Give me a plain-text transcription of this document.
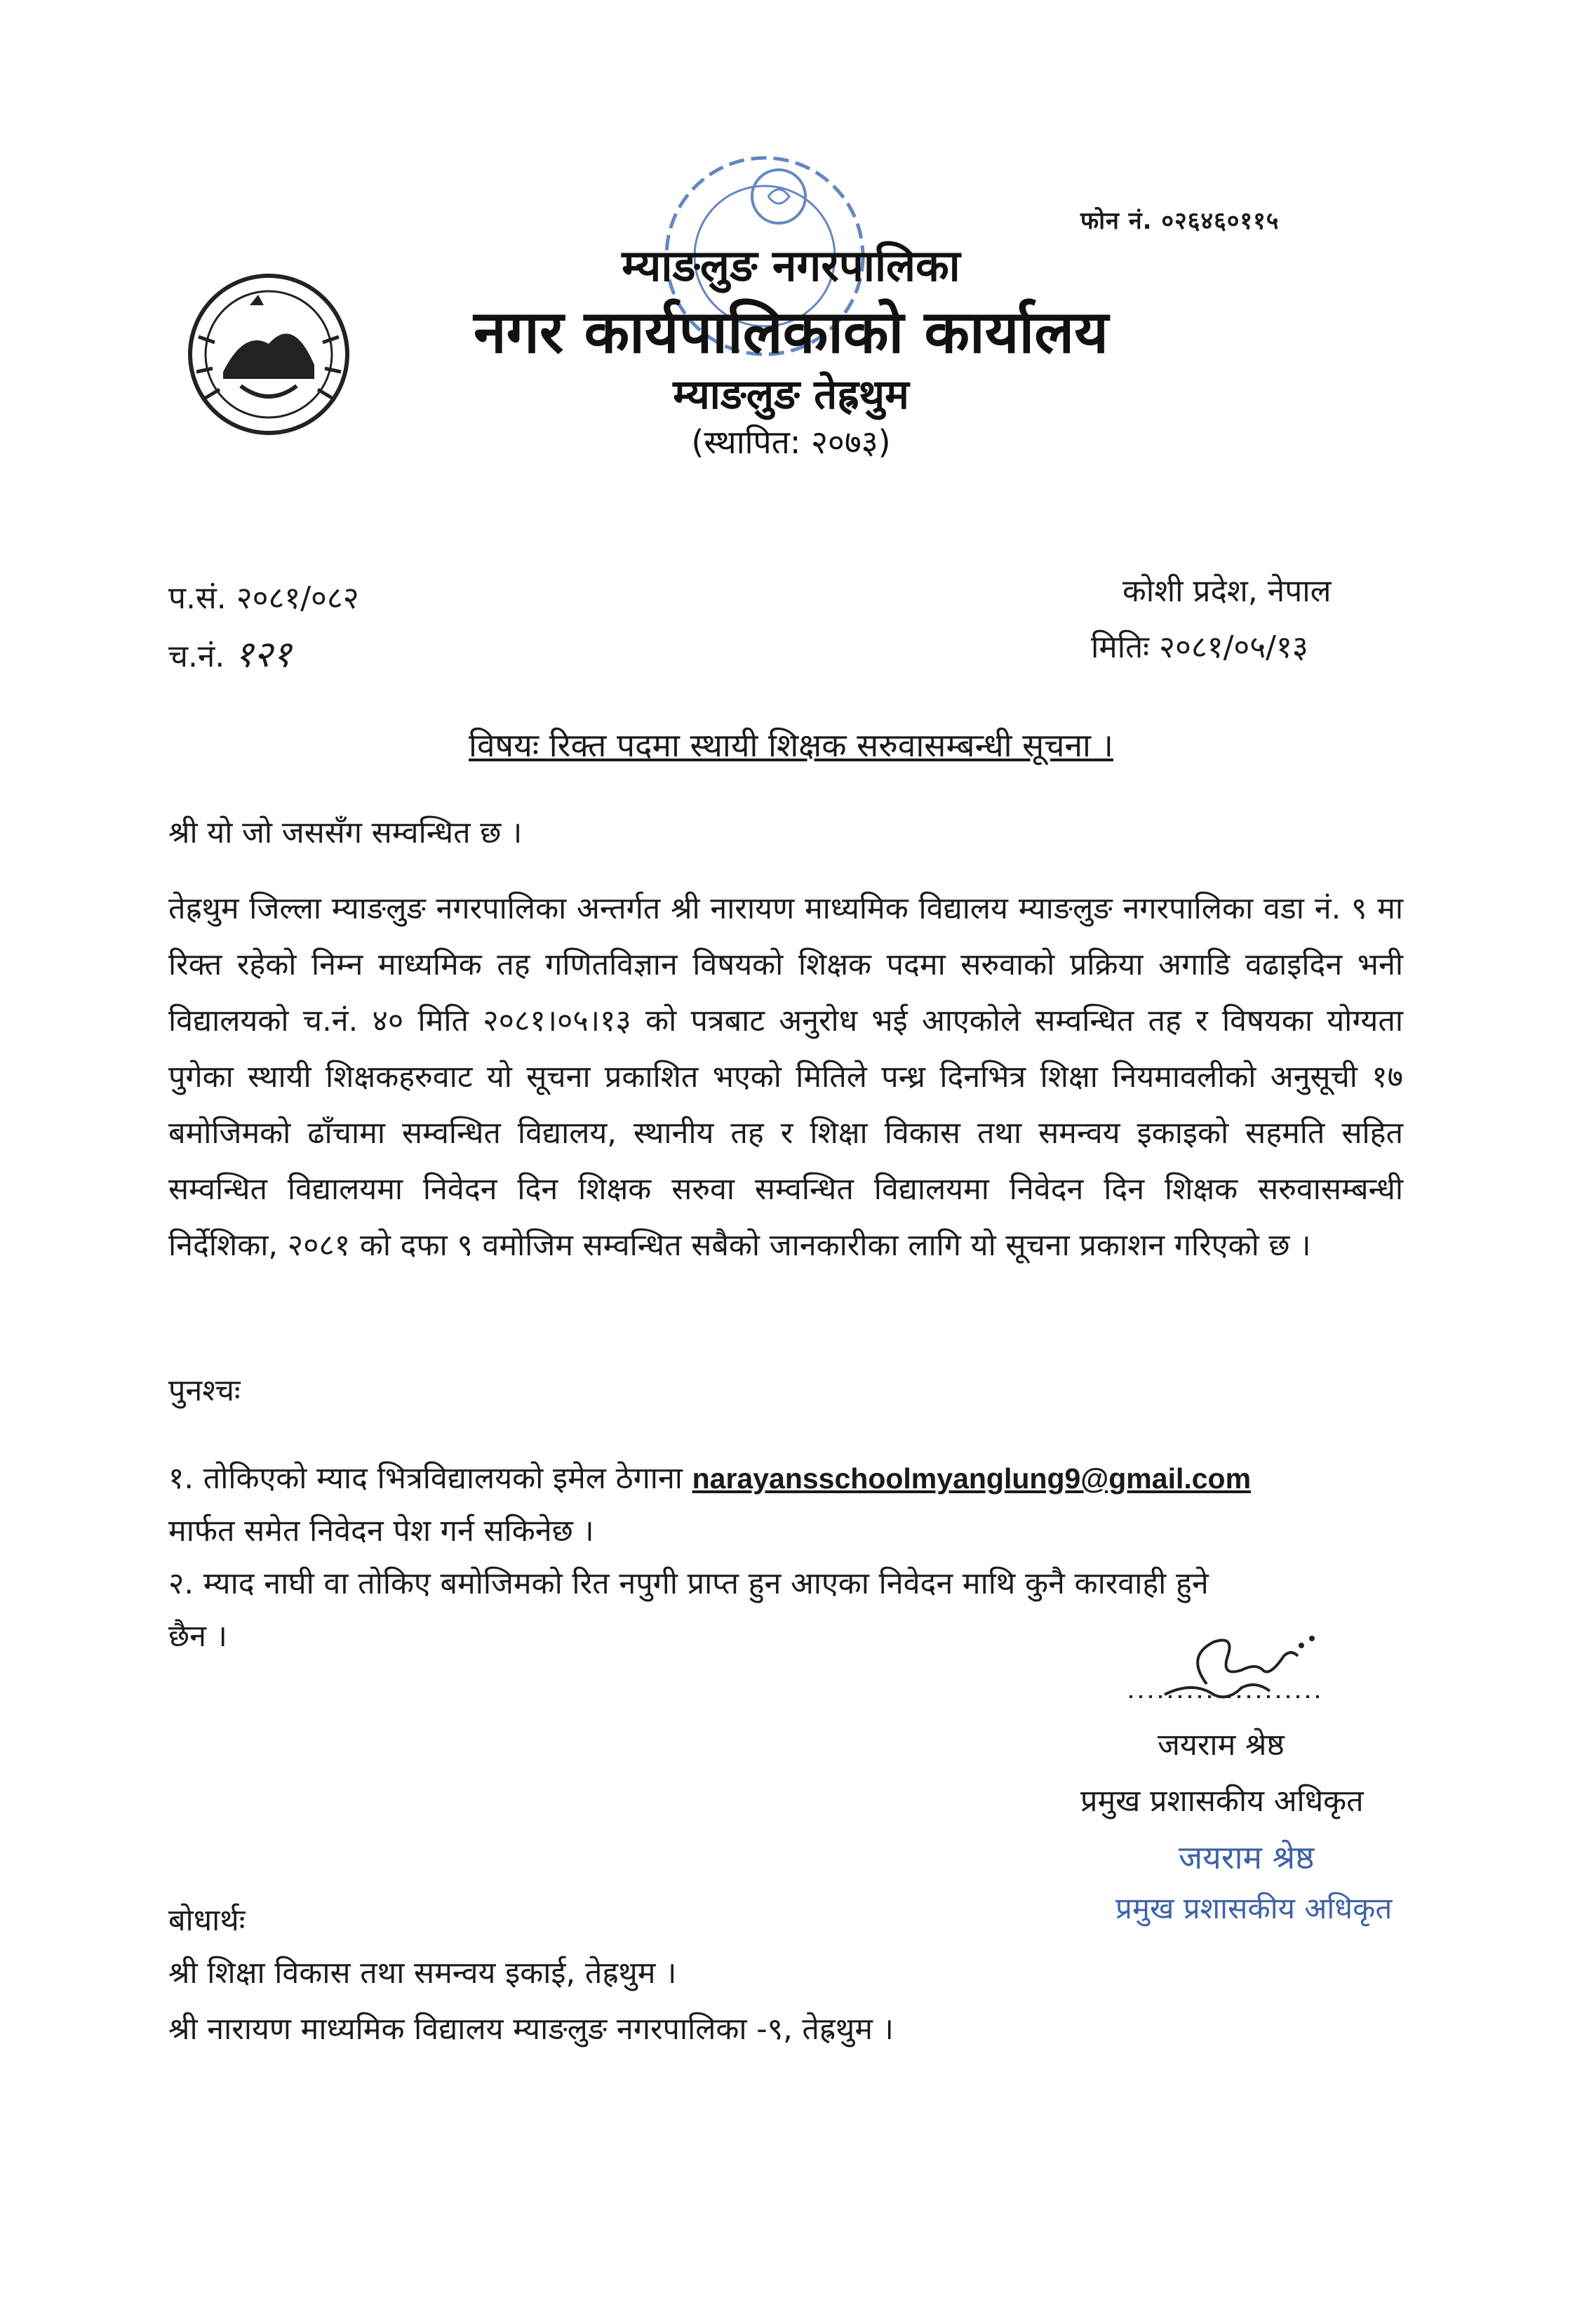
फोन नं. ०२६४६०११५
म्याङलुङ नगरपालिका
नगर कार्यपालिकाको कार्यालय
म्याङलुङ तेह्रथुम
(स्थापित: २०७३)
प.सं. २०८१/०८२
च.नं. १२१
कोशी प्रदेश, नेपाल
मितिः २०८१/०५/१३
विषयः रिक्त पदमा स्थायी शिक्षक सरुवासम्बन्धी सूचना ।
श्री यो जो जससँग सम्वन्धित छ ।
तेह्रथुम जिल्ला म्याङलुङ नगरपालिका अन्तर्गत श्री नारायण माध्यमिक विद्यालय म्याङलुङ नगरपालिका वडा नं. ९ मा रिक्त रहेको निम्न माध्यमिक तह गणितविज्ञान विषयको शिक्षक पदमा सरुवाको प्रक्रिया अगाडि वढाइदिन भनी विद्यालयको च.नं. ४० मिति २०८१।०५।१३ को पत्रबाट अनुरोध भई आएकोले सम्वन्धित तह र विषयका योग्यता पुगेका स्थायी शिक्षकहरुवाट यो सूचना प्रकाशित भएको मितिले पन्ध्र दिनभित्र शिक्षा नियमावलीको अनुसूची १७ बमोजिमको ढाँचामा सम्वन्धित विद्यालय, स्थानीय तह र शिक्षा विकास तथा समन्वय इकाइको सहमति सहित सम्वन्धित विद्यालयमा निवेदन दिन शिक्षक सरुवा सम्वन्धित विद्यालयमा निवेदन दिन शिक्षक सरुवासम्बन्धी निर्देशिका, २०८१ को दफा ९ वमोजिम सम्वन्धित सबैको जानकारीका लागि यो सूचना प्रकाशन गरिएको छ ।
पुनश्चः
१. तोकिएको म्याद भित्रविद्यालयको इमेल ठेगाना narayansschoolmyanglung9@gmail.com
मार्फत समेत निवेदन पेश गर्न सकिनेछ ।
२. म्याद नाघी वा तोकिए बमोजिमको रित नपुगी प्राप्त हुन आएका निवेदन माथि कुनै कारवाही हुने
छैन ।
जयराम श्रेष्ठ
प्रमुख प्रशासकीय अधिकृत
जयराम श्रेष्ठ
प्रमुख प्रशासकीय अधिकृत
बोधार्थः
श्री शिक्षा विकास तथा समन्वय इकाई, तेह्रथुम ।
श्री नारायण माध्यमिक विद्यालय म्याङलुङ नगरपालिका -९, तेह्रथुम ।
